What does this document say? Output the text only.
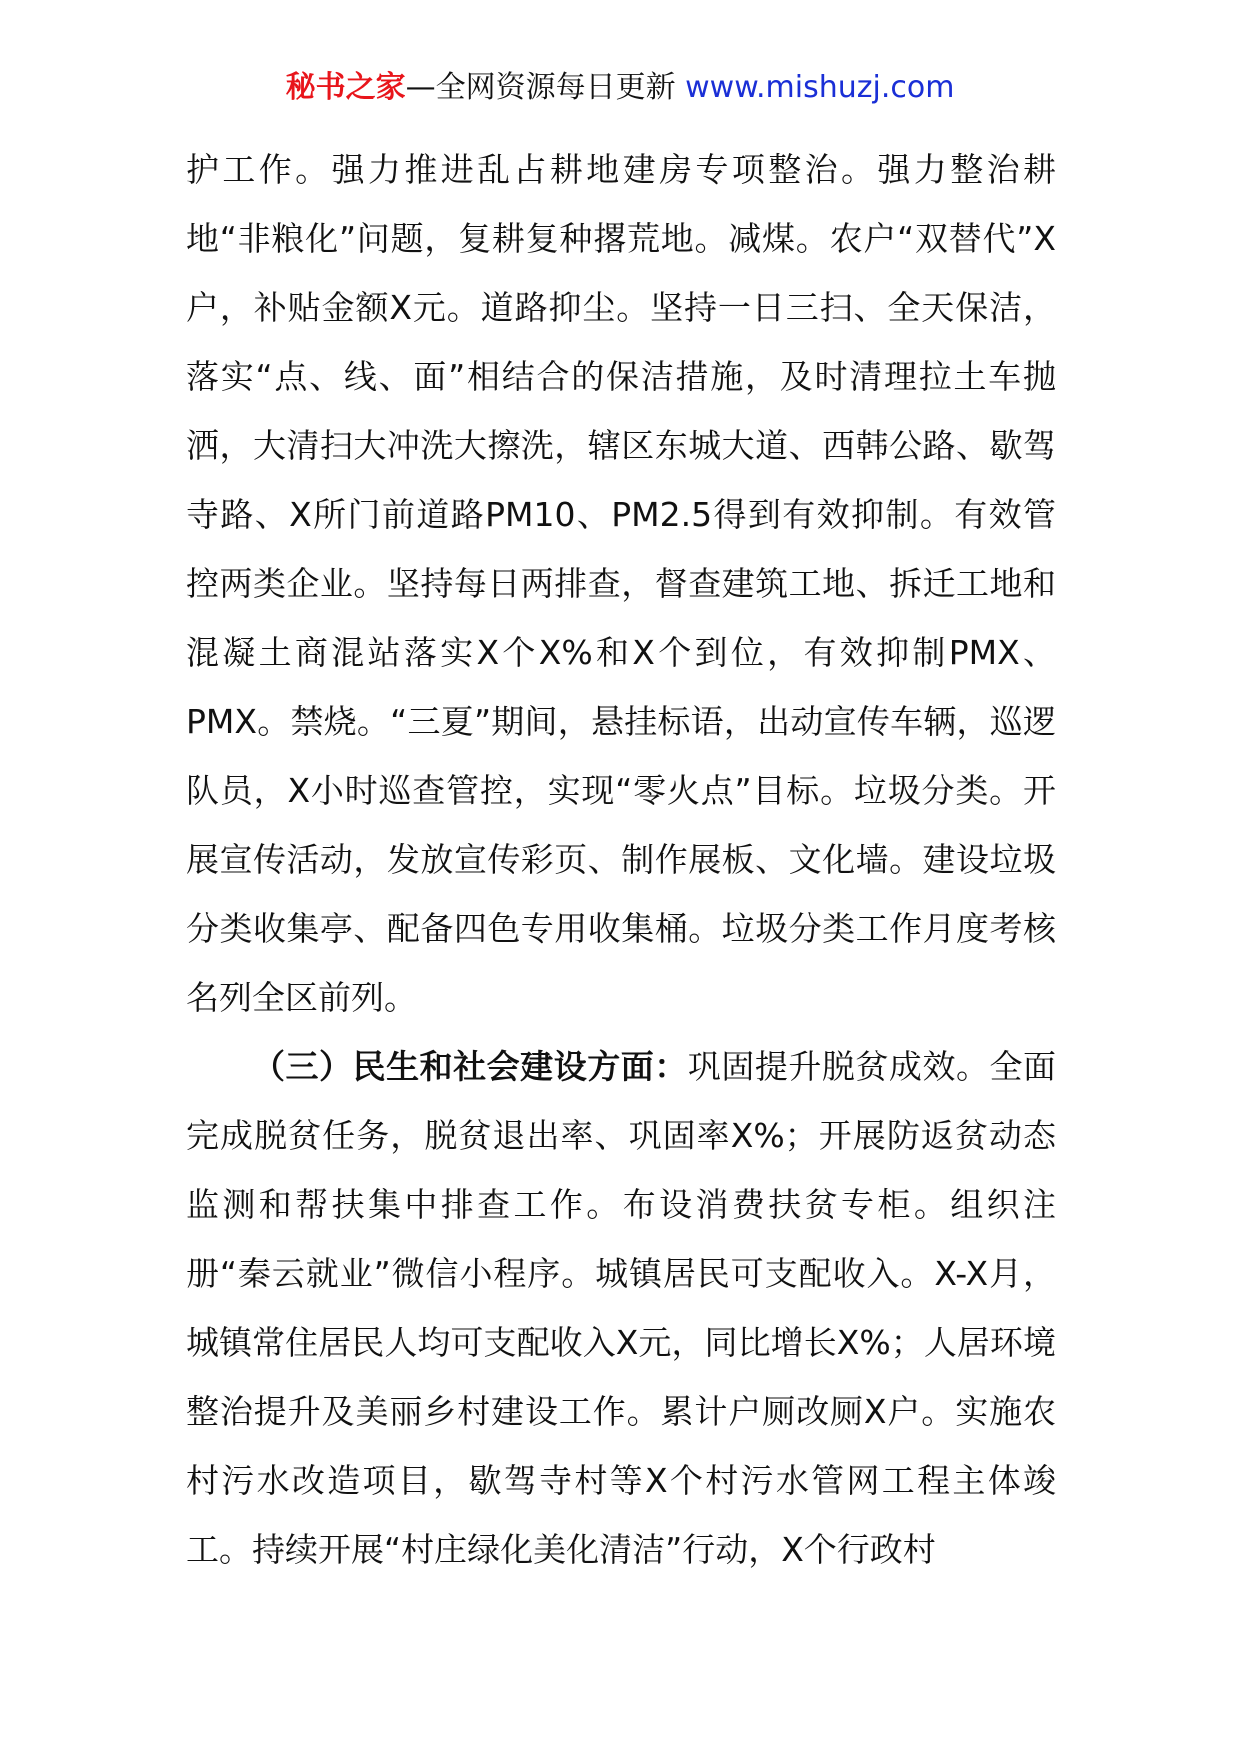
秘书之家—全网资源每日更新 www.mishuzj.com

护工作。强力推进乱占耕地建房专项整治。强力整治耕地“非粮化”问题，复耕复种撂荒地。减煤。农户“双替代”X户，补贴金额X元。道路抑尘。坚持一日三扫、全天保洁，落实“点、线、面”相结合的保洁措施，及时清理拉土车抛洒，大清扫大冲洗大擦洗，辖区东城大道、西韩公路、歇驾寺路、X所门前道路PM10、PM2.5得到有效抑制。有效管控两类企业。坚持每日两排查，督查建筑工地、拆迁工地和混凝土商混站落实X个X%和X个到位，有效抑制PMX、PMX。禁烧。“三夏”期间，悬挂标语，出动宣传车辆，巡逻队员，X小时巡查管控，实现“零火点”目标。垃圾分类。开展宣传活动，发放宣传彩页、制作展板、文化墙。建设垃圾分类收集亭、配备四色专用收集桶。垃圾分类工作月度考核名列全区前列。

（三）民生和社会建设方面：巩固提升脱贫成效。全面完成脱贫任务，脱贫退出率、巩固率X%；开展防返贫动态监测和帮扶集中排查工作。布设消费扶贫专柜。组织注册“秦云就业”微信小程序。城镇居民可支配收入。X-X月，城镇常住居民人均可支配收入X元，同比增长X%；人居环境整治提升及美丽乡村建设工作。累计户厕改厕X户。实施农村污水改造项目，歇驾寺村等X个村污水管网工程主体竣工。持续开展“村庄绿化美化清洁”行动，X个行政村
